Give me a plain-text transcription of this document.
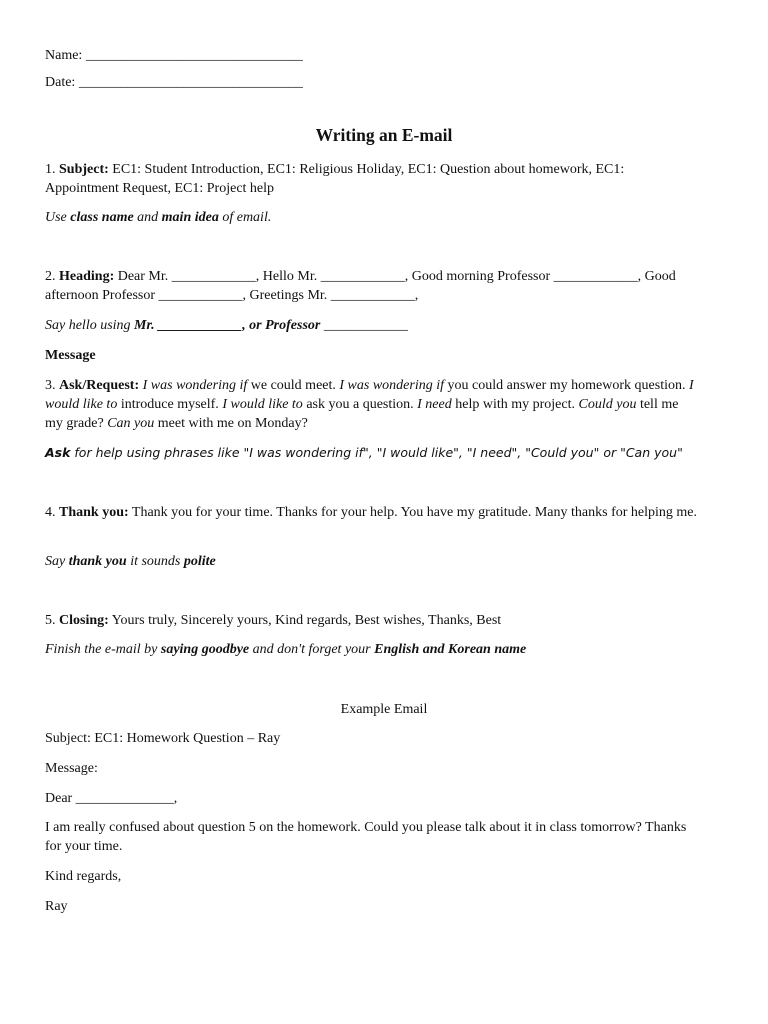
Name: _______________________________
Date: ________________________________
Writing an E-mail
1. Subject: EC1: Student Introduction, EC1: Religious Holiday, EC1: Question about homework, EC1: Appointment Request, EC1: Project help
Use class name and main idea of email.
2. Heading: Dear Mr. ____________, Hello Mr. ____________, Good morning Professor ____________, Good afternoon Professor ____________, Greetings Mr. ____________,
Say hello using Mr. ____________, or Professor ____________
Message
3. Ask/Request: I was wondering if we could meet. I was wondering if you could answer my homework question. I would like to introduce myself. I would like to ask you a question. I need help with my project. Could you tell me my grade? Can you meet with me on Monday?
Ask for help using phrases like "I was wondering if", "I would like", "I need", "Could you" or "Can you"
4. Thank you: Thank you for your time. Thanks for your help. You have my gratitude. Many thanks for helping me.
Say thank you it sounds polite
5. Closing: Yours truly, Sincerely yours, Kind regards, Best wishes, Thanks, Best
Finish the e-mail by saying goodbye and don't forget your English and Korean name
Example Email
Subject: EC1: Homework Question – Ray
Message:
Dear ______________,
I am really confused about question 5 on the homework. Could you please talk about it in class tomorrow? Thanks for your time.
Kind regards,
Ray
